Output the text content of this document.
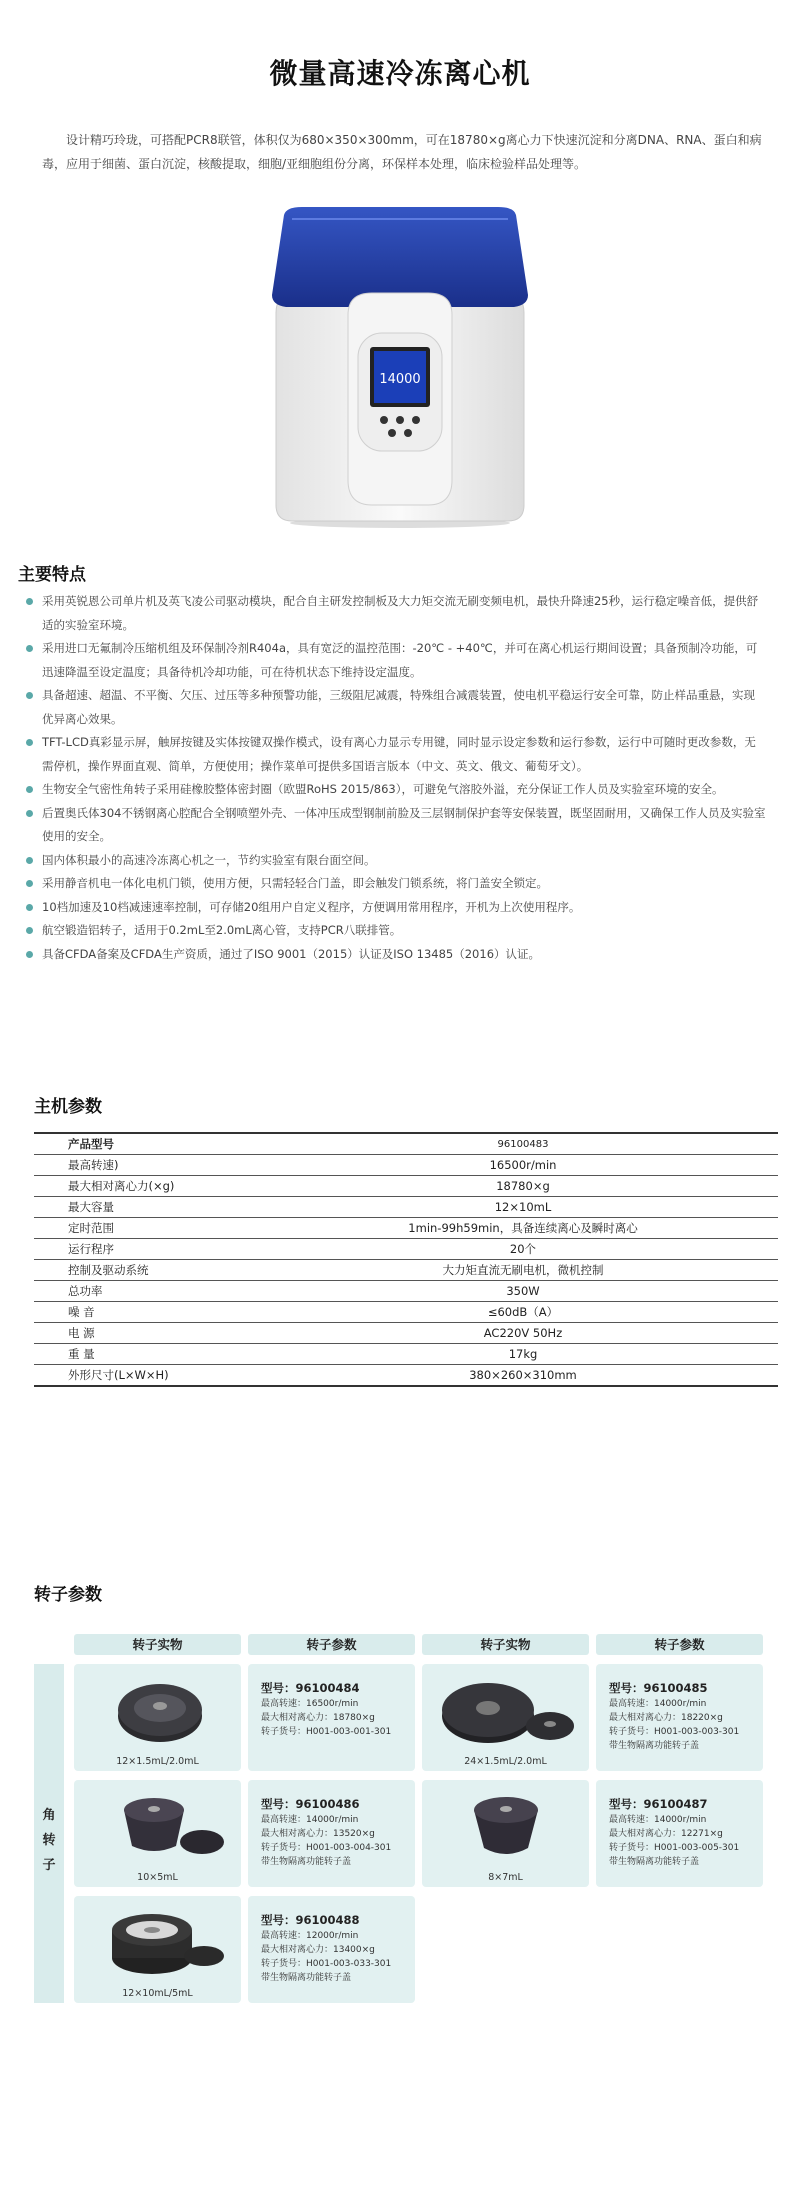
微量高速冷冻离心机
设计精巧玲珑，可搭配PCR8联管，体积仅为680×350×300mm，可在18780×g离心力下快速沉淀和分离DNA、RNA、蛋白和病毒，应用于细菌、蛋白沉淀，核酸提取，细胞/亚细胞组份分离，环保样本处理，临床检验样品处理等。
14000
主要特点
采用英锐恩公司单片机及英飞凌公司驱动模块，配合自主研发控制板及大力矩交流无刷变频电机，最快升降速25秒，运行稳定噪音低，提供舒适的实验室环境。
采用进口无氟制冷压缩机组及环保制冷剂R404a，具有宽泛的温控范围：-20℃ - +40℃，并可在离心机运行期间设置；具备预制冷功能，可迅速降温至设定温度；具备待机冷却功能，可在待机状态下维持设定温度。
具备超速、超温、不平衡、欠压、过压等多种预警功能，三级阻尼减震，特殊组合减震装置，使电机平稳运行安全可靠，防止样品重悬，实现优异离心效果。
TFT-LCD真彩显示屏，触屏按键及实体按键双操作模式，设有离心力显示专用键，同时显示设定参数和运行参数，运行中可随时更改参数，无需停机，操作界面直观、简单，方便使用；操作菜单可提供多国语言版本（中文、英文、俄文、葡萄牙文）。
生物安全气密性角转子采用硅橡胶整体密封圈（欧盟RoHS 2015/863），可避免气溶胶外溢，充分保证工作人员及实验室环境的安全。
后置奥氏体304不锈钢离心腔配合全钢喷塑外壳、一体冲压成型钢制前脸及三层钢制保护套等安保装置，既坚固耐用，又确保工作人员及实验室使用的安全。
国内体积最小的高速冷冻离心机之一，节约实验室有限台面空间。
采用静音机电一体化电机门锁，使用方便，只需轻轻合门盖，即会触发门锁系统，将门盖安全锁定。
10档加速及10档减速速率控制，可存储20组用户自定义程序，方便调用常用程序，开机为上次使用程序。
航空锻造铝转子，适用于0.2mL至2.0mL离心管，支持PCR八联排管。
具备CFDA备案及CFDA生产资质，通过了ISO 9001（2015）认证及ISO 13485（2016）认证。
主机参数
产品型号	96100483
最高转速)	16500r/min
最大相对离心力(×g)	18780×g
最大容量	12×10mL
定时范围	1min-99h59min，具备连续离心及瞬时离心
运行程序	20个
控制及驱动系统	大力矩直流无刷电机，微机控制
总功率	350W
噪 音	≤60dB（A）
电 源	AC220V 50Hz
重 量	17kg
外形尺寸(L×W×H)	380×260×310mm
转子参数
转子实物	转子参数	转子实物	转子参数
角
转
子
12×1.5mL/2.0mL
型号：96100484
最高转速：16500r/min
最大相对离心力：18780×g
转子货号：H001-003-001-301
24×1.5mL/2.0mL
型号：96100485
最高转速：14000r/min
最大相对离心力：18220×g
转子货号：H001-003-003-301
带生物隔离功能转子盖
10×5mL
型号：96100486
最高转速：14000r/min
最大相对离心力：13520×g
转子货号：H001-003-004-301
带生物隔离功能转子盖
8×7mL
型号：96100487
最高转速：14000r/min
最大相对离心力：12271×g
转子货号：H001-003-005-301
带生物隔离功能转子盖
12×10mL/5mL
型号：96100488
最高转速：12000r/min
最大相对离心力：13400×g
转子货号：H001-003-033-301
带生物隔离功能转子盖
